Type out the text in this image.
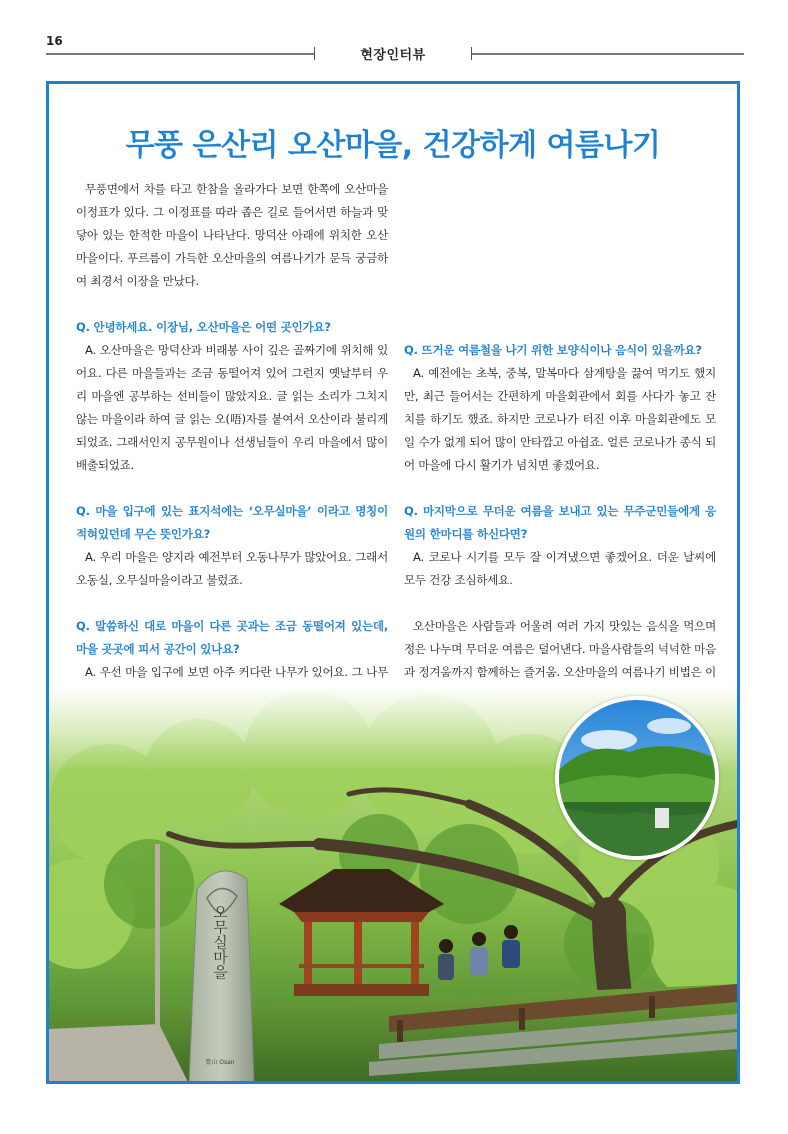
16
현장인터뷰
무풍 은산리 오산마을, 건강하게 여름나기

무풍면에서 차를 타고 한참을 올라가다 보면 한쪽에 오산마을 이정표가 있다. 그 이정표를 따라 좁은 길로 들어서면 하늘과 맞닿아 있는 한적한 마을이 나타난다. 망덕산 아래에 위치한 오산마을이다. 푸르름이 가득한 오산마을의 여름나기가 문득 궁금하여 최경서 이장을 만났다.

Q. 안녕하세요. 이장님, 오산마을은 어떤 곳인가요?

A. 오산마을은 망덕산과 비래봉 사이 깊은 골짜기에 위치해 있어요. 다른 마을들과는 조금 동떨어져 있어 그런지 옛날부터 우리 마을엔 공부하는 선비들이 많았지요. 글 읽는 소리가 그치지 않는 마을이라 하여 글 읽는 오(唔)자를 붙여서 오산이라 불리게 되었죠. 그래서인지 공무원이나 선생님들이 우리 마을에서 많이 배출되었죠.

Q. 마을 입구에 있는 표지석에는 ‘오무실마을’ 이라고 명칭이 적혀있던데 무슨 뜻인가요?

A. 우리 마을은 양지라 예전부터 오동나무가 많았어요. 그래서 오동실, 오무실마을이라고 불렀죠.

Q. 말씀하신 대로 마을이 다른 곳과는 조금 동떨어져 있는데, 마을 곳곳에 피서 공간이 있나요?

A. 우선 마을 입구에 보면 아주 커다란 나무가 있어요. 그 나무

Q. 뜨거운 여름철을 나기 위한 보양식이나 음식이 있을까요?

A. 예전에는 초복, 중복, 말복마다 삼계탕을 끓여 먹기도 했지만, 최근 들어서는 간편하게 마을회관에서 회를 사다가 놓고 잔치를 하기도 했죠. 하지만 코로나가 터진 이후 마을회관에도 모일 수가 없게 되어 많이 안타깝고 아쉽죠. 얼른 코로나가 종식 되어 마을에 다시 활기가 넘치면 좋겠어요.

Q. 마지막으로 무더운 여름을 보내고 있는 무주군민들에게 응원의 한마디를 하신다면?

A. 코로나 시기를 모두 잘 이겨냈으면 좋겠어요. 더운 날씨에 모두 건강 조심하세요.

오산마을은 사람들과 어울려 여러 가지 맛있는 음식을 먹으며 정은 나누며 무더운 여름은 덜어낸다. 마을사람들의 넉넉한 마음과 정겨움까지 함께하는 즐거움. 오산마을의 여름나기 비법은 이
